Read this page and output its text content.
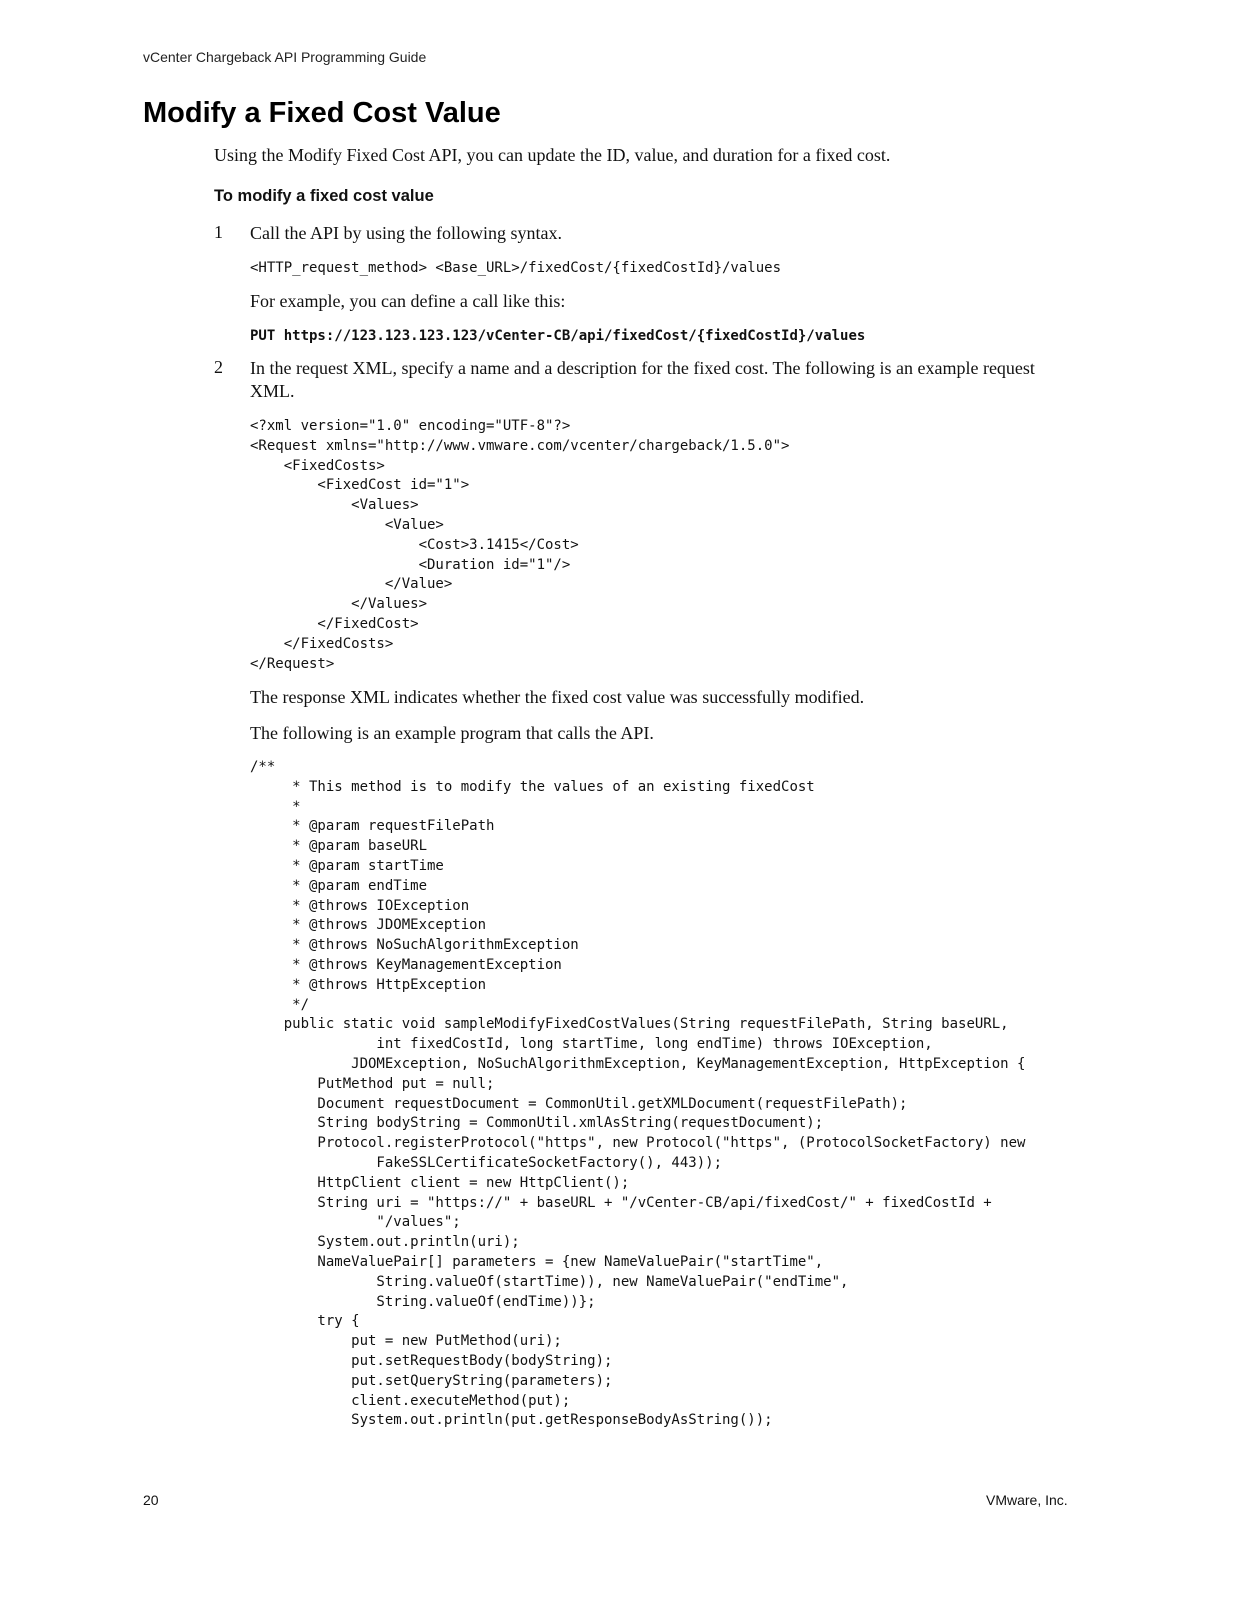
vCenter Chargeback API Programming Guide
Modify a Fixed Cost Value
Using the Modify Fixed Cost API, you can update the ID, value, and duration for a fixed cost.
To modify a fixed cost value
1 Call the API by using the following syntax.
<HTTP_request_method> <Base_URL>/fixedCost/{fixedCostId}/values
For example, you can define a call like this:
PUT https://123.123.123.123/vCenter-CB/api/fixedCost/{fixedCostId}/values
2 In the request XML, specify a name and a description for the fixed cost. The following is an example request XML.
<?xml version="1.0" encoding="UTF-8"?>
<Request xmlns="http://www.vmware.com/vcenter/chargeback/1.5.0">
<FixedCosts>
<FixedCost id="1">
<Values>
<Value>
<Cost>3.1415</Cost>
<Duration id="1"/>
</Value>
</Values>
</FixedCost>
</FixedCosts>
</Request>
The response XML indicates whether the fixed cost value was successfully modified.
The following is an example program that calls the API.
/**
* This method is to modify the values of an existing fixedCost
*
* @param requestFilePath
* @param baseURL
* @param startTime
* @param endTime
* @throws IOException
* @throws JDOMException
* @throws NoSuchAlgorithmException
* @throws KeyManagementException
* @throws HttpException
*/
public static void sampleModifyFixedCostValues(String requestFilePath, String baseURL,
int fixedCostId, long startTime, long endTime) throws IOException,
JDOMException, NoSuchAlgorithmException, KeyManagementException, HttpException {
PutMethod put = null;
Document requestDocument = CommonUtil.getXMLDocument(requestFilePath);
String bodyString = CommonUtil.xmlAsString(requestDocument);
Protocol.registerProtocol("https", new Protocol("https", (ProtocolSocketFactory) new
FakeSSLCertificateSocketFactory(), 443));
HttpClient client = new HttpClient();
String uri = "https://" + baseURL + "/vCenter-CB/api/fixedCost/" + fixedCostId +
"/values";
System.out.println(uri);
NameValuePair[] parameters = {new NameValuePair("startTime",
String.valueOf(startTime)), new NameValuePair("endTime",
String.valueOf(endTime))};
try {
put = new PutMethod(uri);
put.setRequestBody(bodyString);
put.setQueryString(parameters);
client.executeMethod(put);
System.out.println(put.getResponseBodyAsString());
20	VMware, Inc.
